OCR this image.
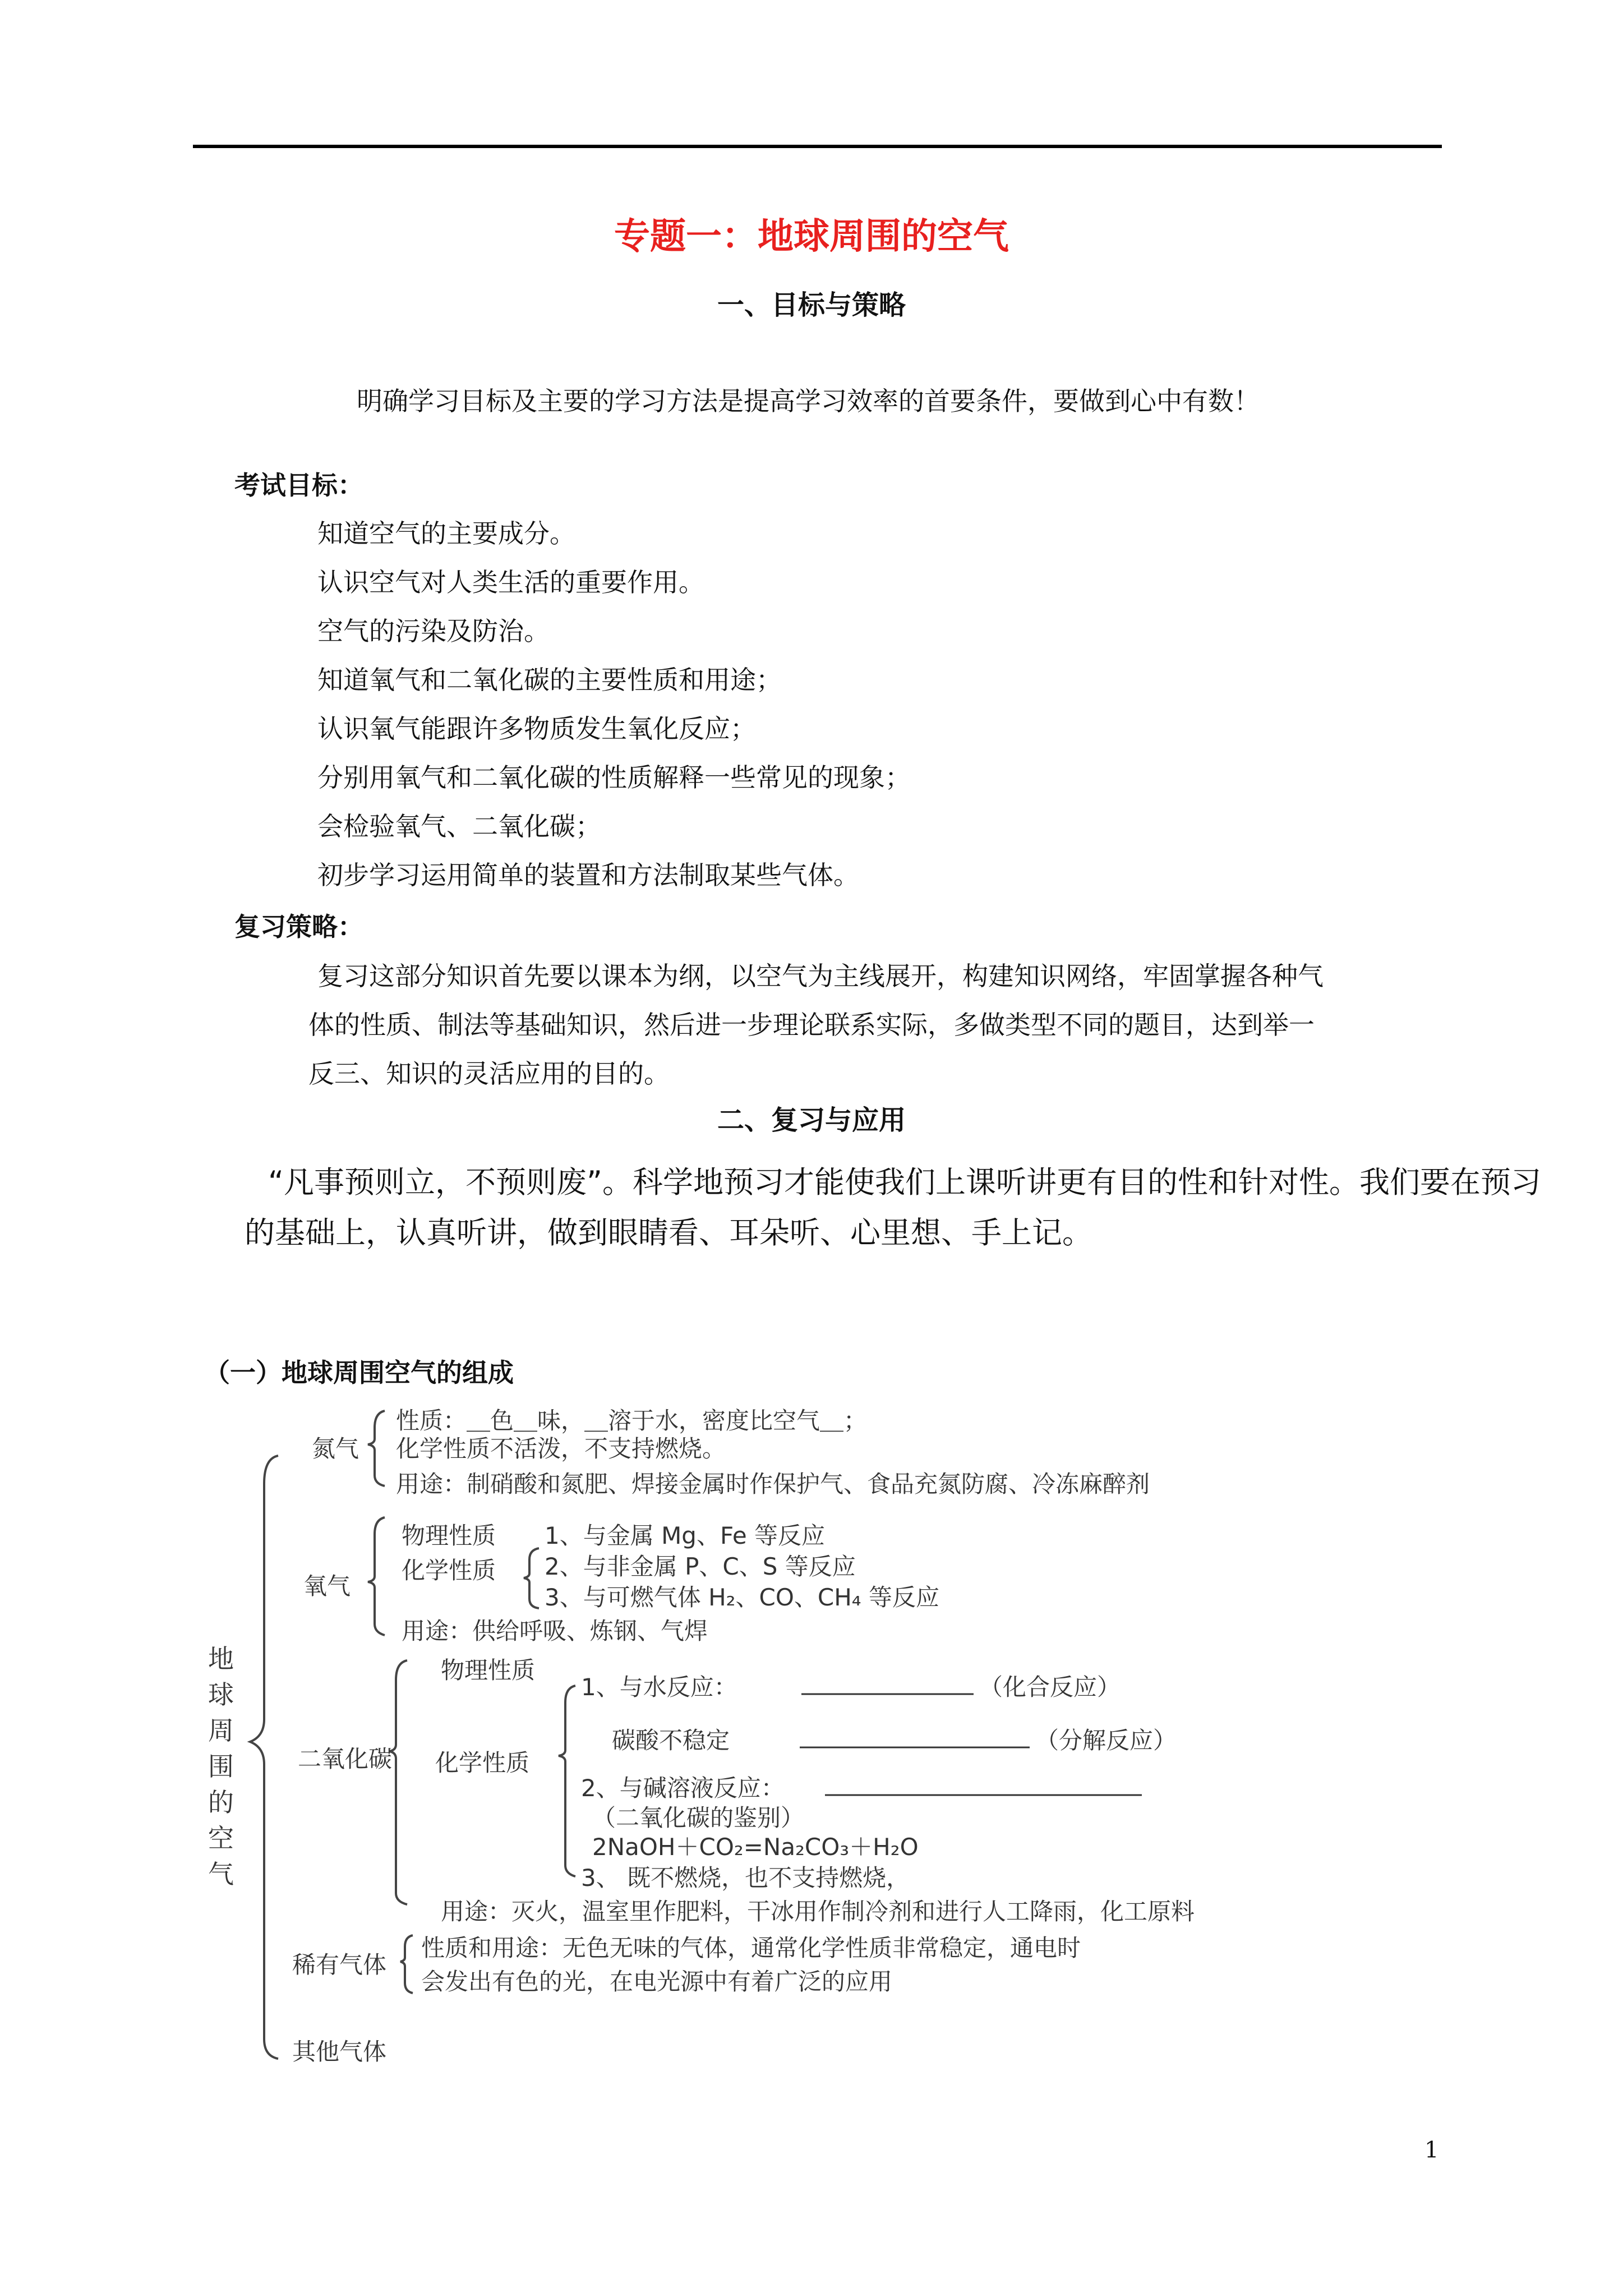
专题一：地球周围的空气
一、目标与策略
明确学习目标及主要的学习方法是提高学习效率的首要条件，要做到心中有数！
考试目标：
知道空气的主要成分。
认识空气对人类生活的重要作用。
空气的污染及防治。
知道氧气和二氧化碳的主要性质和用途；
认识氧气能跟许多物质发生氧化反应；
分别用氧气和二氧化碳的性质解释一些常见的现象；
会检验氧气、二氧化碳；
初步学习运用简单的装置和方法制取某些气体。
复习策略：
复习这部分知识首先要以课本为纲，以空气为主线展开，构建知识网络，牢固掌握各种气
体的性质、制法等基础知识，然后进一步理论联系实际，多做类型不同的题目，达到举一
反三、知识的灵活应用的目的。
二、复习与应用
“凡事预则立，不预则废”。科学地预习才能使我们上课听讲更有目的性和针对性。我们要在预习
的基础上，认真听讲，做到眼睛看、耳朵听、心里想、手上记。
（一）地球周围空气的组成
地
球
周
围
的
空
气
氮气
性质：＿色＿味，＿溶于水，密度比空气＿；
化学性质不活泼，不支持燃烧。
用途：制硝酸和氮肥、焊接金属时作保护气、食品充氮防腐、冷冻麻醉剂
氧气
物理性质
化学性质
1、与金属 Mg、Fe 等反应
2、与非金属 P、C、S 等反应
3、与可燃气体 H₂、CO、CH₄ 等反应
用途：供给呼吸、炼钢、气焊
二氧化碳
物理性质
化学性质
1、与水反应：	（化合反应）
碳酸不稳定	（分解反应）
2、与碱溶液反应：
（二氧化碳的鉴别）
2NaOH＋CO₂=Na₂CO₃＋H₂O
3、 既不燃烧，也不支持燃烧，
用途：灭火，温室里作肥料，干冰用作制冷剂和进行人工降雨，化工原料
稀有气体
性质和用途：无色无味的气体，通常化学性质非常稳定，通电时
会发出有色的光，在电光源中有着广泛的应用
其他气体
1
